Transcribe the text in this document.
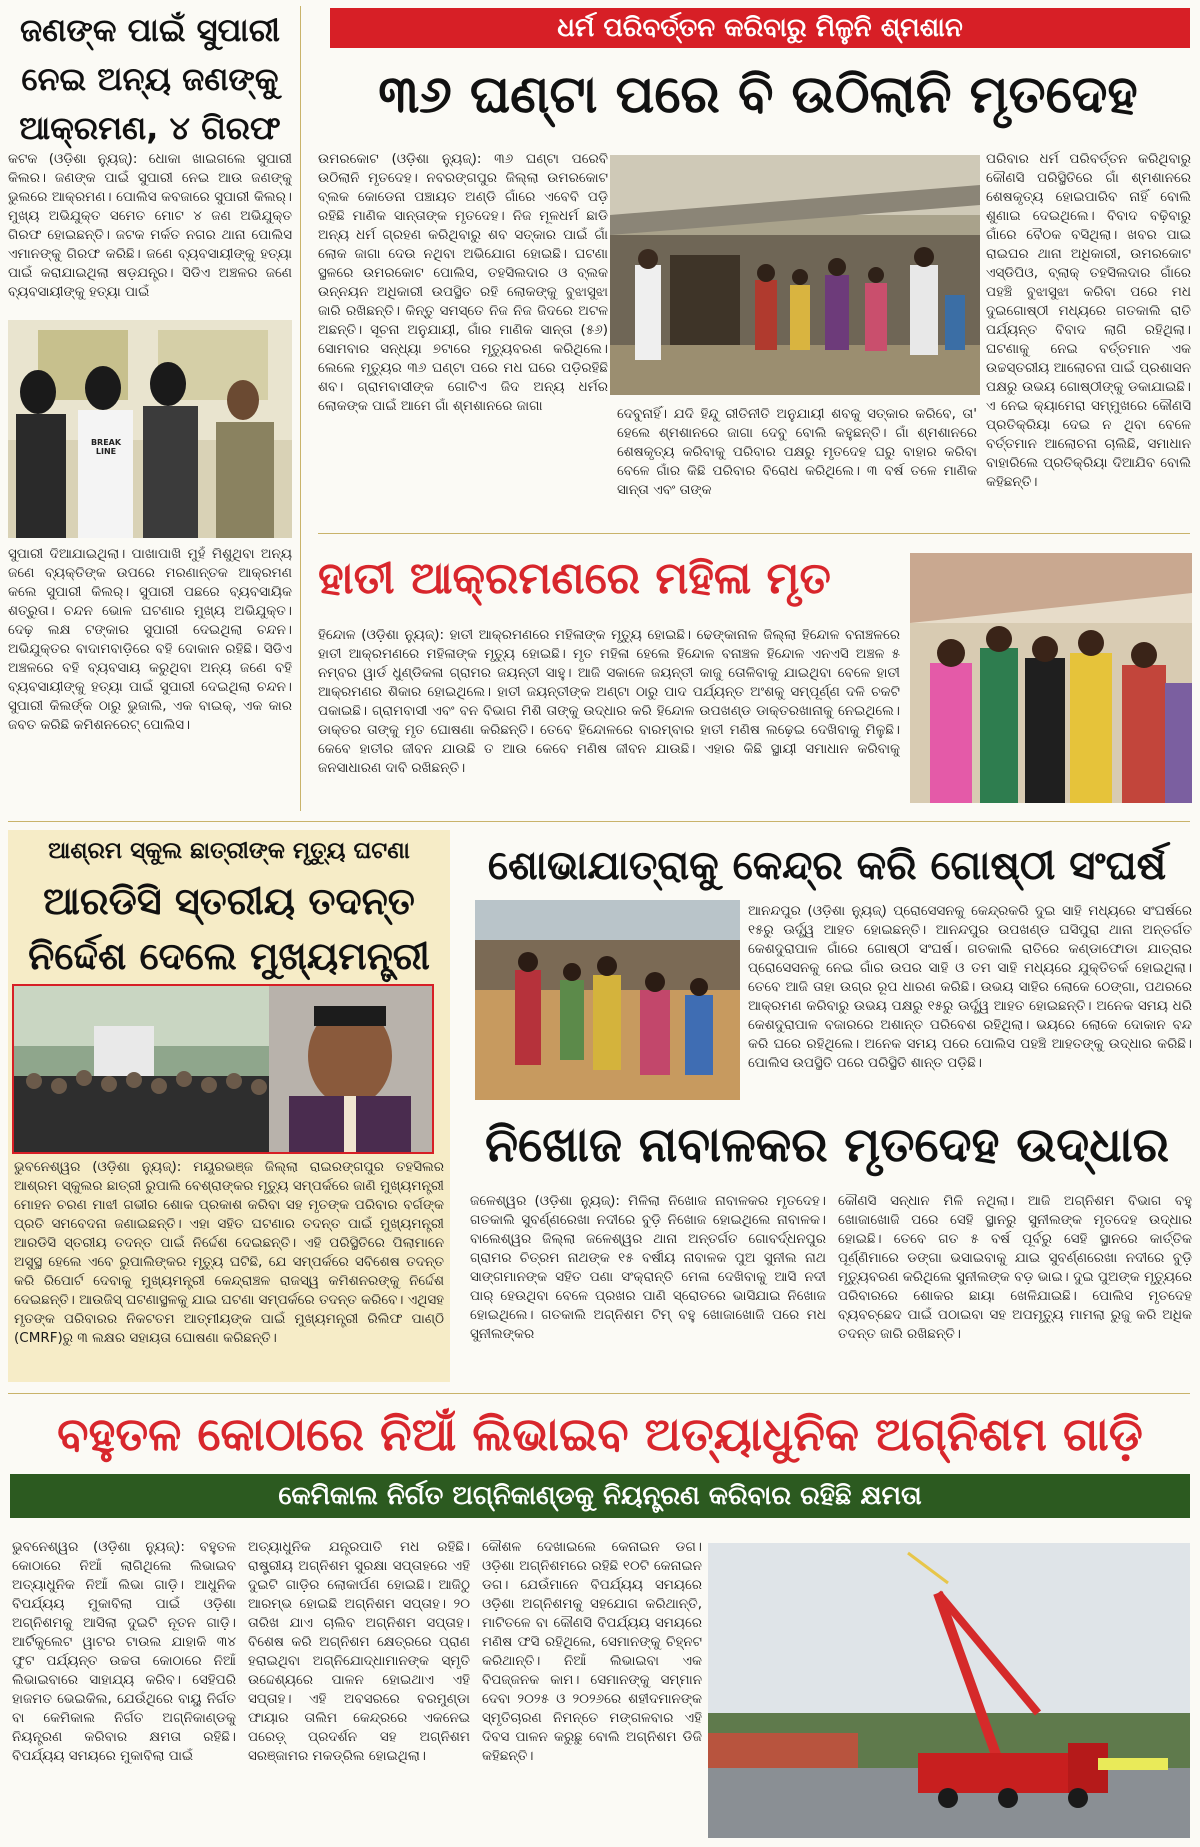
ଜଣଙ୍କ ପାଇଁ ସୁପାରୀ ନେଇ ଅନ୍ୟ ଜଣଙ୍କୁ ଆକ୍ରମଣ, ୪ ଗିରଫ
କଟକ (ଓଡ଼ିଶା ନ୍ୟୁଜ୍): ଧୋକା ଖାଇଗଲେ ସୁପାରୀ କିଲର। ଜଣଙ୍କ ପାଇଁ ସୁପାରୀ ନେଇ ଆଉ ଜଣଙ୍କୁ ଭୁଲରେ ଆକ୍ରମଣ। ପୋଲିସ କବଜାରେ ସୁପାରୀ କିଲର୍। ମୁଖ୍ୟ ଅଭିଯୁକ୍ତ ସମେତ ମୋଟ ୪ ଜଣ ଅଭିଯୁକ୍ତ ଗିରଫ ହୋଇଛନ୍ତି। ଜଟକ ମର୍କତ ନଗର ଥାନା ପୋଲିସ ଏମାନଙ୍କୁ ଗିରଫ କରିଛି। ଜଣେ ବ୍ୟବସାୟୀଙ୍କୁ ହତ୍ୟା ପାଇଁ କରାଯାଇଥିଲା ଷଡ଼ଯନ୍ତ୍ର। ସିଡିଏ ଅଞ୍ଚଳର ଜଣେ ବ୍ୟବସାୟୀଙ୍କୁ ହତ୍ୟା ପାଇଁ
BREAK LINE
ସୁପାରୀ ଦିଆଯାଇଥିଲା। ପାଖାପାଖି ମୁହଁ ମିଶୁଥିବା ଅନ୍ୟ ଜଣେ ବ୍ୟକ୍ତିଙ୍କ ଉପରେ ମରଣାନ୍ତକ ଆକ୍ରମଣ କଲେ ସୁପାରୀ କିଲର୍। ସୁପାରୀ ପଛରେ ବ୍ୟବସାୟିକ ଶତ୍ରୁତା। ଚନ୍ଦନ ଭୋଳ ଘଟଣାର ମୁଖ୍ୟ ଅଭିଯୁକ୍ତ। ଦେଢ଼ ଲକ୍ଷ ଟଙ୍କାର ସୁପାରୀ ଦେଇଥିଲା ଚନ୍ଦନ। ଅଭିଯୁକ୍ତର ବାଦାମବାଡ଼ିରେ ବହି ଦୋକାନ ରହିଛି। ସିଡିଏ ଅଞ୍ଚଳରେ ବହି ବ୍ୟବସାୟ କରୁଥିବା ଅନ୍ୟ ଜଣେ ବହି ବ୍ୟବସାୟୀଙ୍କୁ ହତ୍ୟା ପାଇଁ ସୁପାରୀ ଦେଇଥିଲା ଚନ୍ଦନ। ସୁପାରୀ କିଲର୍ଙ୍କ ଠାରୁ ଭୁଜାଲି, ଏକ ବାଇକ୍, ଏକ କାର ଜବତ କରିଛି କମିଶନରେଟ୍ ପୋଲିସ।
ଧର୍ମ ପରିବର୍ତ୍ତନ କରିବାରୁ ମିଳୁନି ଶ୍ମଶାନ
୩୬ ଘଣ୍ଟା ପରେ ବି ଉଠିଲାନି ମୃତଦେହ
ଉମରକୋଟ (ଓଡ଼ିଶା ନ୍ୟୁଜ୍): ୩୬ ଘଣ୍ଟା ପରେବି ଉଠିଲାନି ମୃତଦେହ। ନବରଙ୍ଗପୁର ଜିଲ୍ଲା ଉମରକୋଟ ବ୍ଲକ କୋଡେନା ପଞ୍ଚାୟତ ଅଣ୍ଡି ଗାଁରେ ଏବେବି ପଡ଼ି ରହିଛି ମାଣିକ ସାନ୍ତାଙ୍କ ମୃତଦେହ। ନିଜ ମୂଳଧର୍ମ ଛାଡି ଅନ୍ୟ ଧର୍ମ ଗ୍ରହଣ କରିଥିବାରୁ ଶବ ସତ୍କାର ପାଇଁ ଗାଁ ଲୋକ ଜାଗା ଦେଉ ନଥିବା ଅଭିଯୋଗ ହୋଇଛି। ଘଟଣା ସ୍ଥଳରେ ଉମରକୋଟ ପୋଲିସ, ତହସିଲଦାର ଓ ବ୍ଲକ ଉନ୍ନୟନ ଅଧିକାରୀ ଉପସ୍ଥିତ ରହି ଲୋକଙ୍କୁ ବୁଝାସୁଝା ଜାରି ରଖିଛନ୍ତି। କିନ୍ତୁ ସମସ୍ତେ ନିଜ ନିଜ ଜିଦରେ ଅଟଳ ଅଛନ୍ତି। ସୂଚନା ଅନୁଯାୟୀ, ଗାଁର ମାଣିକ ସାନ୍ତା (୫୬) ସୋମବାର ସନ୍ଧ୍ୟା ୭ଟାରେ ମୃତ୍ୟୁବରଣ କରିଥିଲେ। ଲେଲେ ମୃତ୍ୟୁର ୩୬ ଘଣ୍ଟା ପରେ ମଧ ଘରେ ପଡ଼ିରହିଛି ଶବ। ଗ୍ରାମବାସୀଙ୍କ ଗୋଟିଏ ଜିଦ ଅନ୍ୟ ଧର୍ମର ଲୋକଙ୍କ ପାଇଁ ଆମେ ଗାଁ ଶ୍ମଶାନରେ ଜାଗା	ଦେବୁନାହିଁ। ଯଦି ହିନ୍ଦୁ ରୀତିନୀତି ଅନୁଯାୟୀ ଶବକୁ ସତ୍କାର କରିବେ, ତା' ହେଲେ ଶ୍ମଶାନରେ ଜାଗା ଦେବୁ ବୋଲି କହୁଛନ୍ତି। ଗାଁ ଶ୍ମଶାନରେ ଶେଷକୃତ୍ୟ କରିବାକୁ ପରିବାର ପକ୍ଷରୁ ମୃତଦେହ ଘରୁ ବାହାର କରିବା ବେଳେ ଗାଁର କିଛି ପରିବାର ବିରୋଧ କରିଥିଲେ। ୩ ବର୍ଷ ତଳେ ମାଣିକ ସାନ୍ତା ଏବଂ ତାଙ୍କ
ପରିବାର ଧର୍ମ ପରିବର୍ତ୍ତନ କରିଥିବାରୁ କୌଣସି ପରିସ୍ଥିତିରେ ଗାଁ ଶ୍ମଶାନରେ ଶେଷକୃତ୍ୟ ହୋଇପାରିବ ନାହିଁ ବୋଲି ଶୁଣାଇ ଦେଇଥିଲେ। ବିବାଦ ବଢ଼ିବାରୁ ଗାଁରେ ବୈଠକ ବସିଥିଲା। ଖବର ପାଇ ରାଇଘର ଥାନା ଅଧିକାରୀ, ଉମରକୋଟ ଏସ୍ଡିପିଓ, ବ୍ଲାକ୍ ତହସିଲଦାର ଗାଁରେ ପହଞ୍ଚି ବୁଝାସୁଝା କରିବା ପରେ ମଧ ଦୁଇଗୋଷ୍ଠୀ ମଧ୍ୟରେ ଗତକାଲି ରାତି ପର୍ଯ୍ୟନ୍ତ ବିବାଦ ଲାଗି ରହିଥିଲା। ଘଟଣାକୁ ନେଇ ବର୍ତ୍ତମାନ ଏକ ଉଚ୍ଚସ୍ତରୀୟ ଆଲୋଚନା ପାଇଁ ପ୍ରଶାସନ ପକ୍ଷରୁ ଉଭୟ ଗୋଷ୍ଠୀଙ୍କୁ ଡକାଯାଇଛି। ଏ ନେଇ କ୍ୟାମେରା ସମ୍ମୁଖରେ କୌଣସି ପ୍ରତିକ୍ରିୟା ଦେଇ ନ ଥିବା ବେଳେ ବର୍ତ୍ତମାନ ଆଲୋଚନା ଚାଲିଛି, ସମାଧାନ ବାହାରିଲେ ପ୍ରତିକ୍ରିୟା ଦିଆଯିବ ବୋଲି କହିଛନ୍ତି।
ହାତୀ ଆକ୍ରମଣରେ ମହିଳା ମୃତ
ହିନ୍ଦୋଳ (ଓଡ଼ିଶା ନ୍ୟୁଜ୍): ହାତୀ ଆକ୍ରମଣରେ ମହିଳାଙ୍କ ମୃତ୍ୟୁ ହୋଇଛି। ଢେଙ୍କାନାଳ ଜିଲ୍ଲା ହିନ୍ଦୋଳ ବନାଞ୍ଚଳରେ ହାତୀ ଆକ୍ରମଣରେ ମହିଳାଙ୍କ ମୃତ୍ୟୁ ହୋଇଛି। ମୃତ ମହିଳା ହେଲେ ହିନ୍ଦୋଳ ବନାଞ୍ଚଳ ହିନ୍ଦୋଳ ଏନଏସି ଅଞ୍ଚଳ ୫ ନମ୍ବର ୱାର୍ଡ ଧୁଣ୍ଡିକଳା ଗ୍ରାମର ଜୟନ୍ତୀ ସାହୁ। ଆଜି ସକାଳେ ଜୟନ୍ତୀ କାଜୁ ତୋଳିବାକୁ ଯାଇଥିବା ବେଳେ ହାତୀ ଆକ୍ରମଣର ଶିକାର ହୋଇଥିଲେ। ହାତୀ ଜୟନ୍ତୀଙ୍କ ଅଣ୍ଟା ଠାରୁ ପାଦ ପର୍ଯ୍ୟନ୍ତ ଅଂଶକୁ ସମ୍ପୂର୍ଣ୍ଣ ଦଳି ଚକଟି ପକାଇଛି। ଗ୍ରାମବାସୀ ଏବଂ ବନ ବିଭାଗ ମିଶି ତାଙ୍କୁ ଉଦ୍ଧାର କରି ହିନ୍ଦୋଳ ଉପଖଣ୍ଡ ଡାକ୍ତରଖାନାକୁ ନେଇଥିଲେ। ଡାକ୍ତର ତାଙ୍କୁ ମୃତ ଘୋଷଣା କରିଛନ୍ତି। ତେବେ ହିନ୍ଦୋଳରେ ବାରମ୍ବାର ହାତୀ ମଣିଷ ଲଢ଼େଇ ଦେଖିବାକୁ ମିଳୁଛି। କେବେ ହାତୀର ଜୀବନ ଯାଉଛି ତ ଆଉ କେବେ ମଣିଷ ଜୀବନ ଯାଉଛି। ଏହାର କିଛି ସ୍ଥାୟୀ ସମାଧାନ କରିବାକୁ ଜନସାଧାରଣ ଦାବି ରଖିଛନ୍ତି।
ଆଶ୍ରମ ସ୍କୁଲ ଛାତ୍ରୀଙ୍କ ମୃତ୍ୟୁ ଘଟଣା
ଆରଡିସି ସ୍ତରୀୟ ତଦନ୍ତ ନିର୍ଦ୍ଦେଶ ଦେଲେ ମୁଖ୍ୟମନ୍ତ୍ରୀ
ଭୁବନେଶ୍ୱର (ଓଡ଼ିଶା ନ୍ୟୁଜ୍): ମୟୂରଭଞ୍ଜ ଜିଲ୍ଲା ରାଇରଙ୍ଗପୁର ତହସିଲର ଆଶ୍ରମ ସ୍କୁଲର ଛାତ୍ରୀ ରୁପାଲି ବେଶ୍ରାଙ୍କର ମୃତ୍ୟୁ ସମ୍ପର୍କରେ ଜାଣି ମୁଖ୍ୟମନ୍ତ୍ରୀ ମୋହନ ଚରଣ ମାଝୀ ଗଭୀର ଶୋକ ପ୍ରକାଶ କରିବା ସହ ମୃତଙ୍କ ପରିବାର ବର୍ଗଙ୍କ ପ୍ରତି ସମବେଦନା ଜଣାଇଛନ୍ତି। ଏହା ସହିତ ଘଟଣାର ତଦନ୍ତ ପାଇଁ ମୁଖ୍ୟମନ୍ତ୍ରୀ ଆରଡିସି ସ୍ତରୀୟ ତଦନ୍ତ ପାଇଁ ନିର୍ଦ୍ଦେଶ ଦେଇଛନ୍ତି। ଏହି ପରିସ୍ଥିତିରେ ପିଲାମାନେ ଅସୁସ୍ଥ ହେଲେ ଏବେ ରୁପାଲିଙ୍କର ମୃତ୍ୟୁ ଘଟିଛି, ଯେ ସମ୍ପର୍କରେ ସବିଶେଷ ତଦନ୍ତ କରି ରିପୋର୍ଟ ଦେବାକୁ ମୁଖ୍ୟମନ୍ତ୍ରୀ କେନ୍ଦ୍ରାଞ୍ଚଳ ରାଜସ୍ୱ କମିଶନରଙ୍କୁ ନିର୍ଦ୍ଦେଶ ଦେଇଛନ୍ତି। ଆଉଜିସ୍ ଘଟଣାସ୍ଥଳକୁ ଯାଇ ଘଟଣା ସମ୍ପର୍କରେ ତଦନ୍ତ କରିବେ। ଏଥିସହ ମୃତଙ୍କ ପରିବାରର ନିକଟତମ ଆତ୍ମୀୟଙ୍କ ପାଇଁ ମୁଖ୍ୟମନ୍ତ୍ରୀ ରିଲିଫ ପାଣ୍ଠି (CMRF)ରୁ ୩ ଲକ୍ଷର ସହାୟତା ଘୋଷଣା କରିଛନ୍ତି।
ଶୋଭାଯାତ୍ରାକୁ କେନ୍ଦ୍ର କରି ଗୋଷ୍ଠୀ ସଂଘର୍ଷ
ଆନନ୍ଦପୁର (ଓଡ଼ିଶା ନ୍ୟୁଜ୍) ପ୍ରୋସେସନକୁ କେନ୍ଦ୍ରକରି ଦୁଇ ସାହି ମଧ୍ୟରେ ସଂଘର୍ଷରେ ୧୫ରୁ ଊର୍ଦ୍ଧ୍ୱ ଆହତ ହୋଇଛନ୍ତି। ଆନନ୍ଦପୁର ଉପଖଣ୍ଡ ଘସିପୁରା ଥାନା ଅନ୍ତର୍ଗତ କେଶଦୁରାପାଳ ଗାଁରେ ଗୋଷ୍ଠୀ ସଂଘର୍ଷ। ଗତକାଲି ରାତିରେ କଣ୍ଡାଫୋଡା ଯାତ୍ରାର ପ୍ରୋସେସନକୁ ନେଇ ଗାଁର ଉପର ସାହି ଓ ତମ ସାହି ମଧ୍ୟରେ ଯୁକ୍ତିତର୍କ ହୋଇଥିଲା। ତେବେ ଆଜି ତାହା ଉଗ୍ର ରୂପ ଧାରଣ କରିଛି। ଉଭୟ ସାହିର ଲୋକେ ଠେଙ୍ଗା, ପଥରରେ ଆକ୍ରମଣ କରିବାରୁ ଉଭୟ ପକ୍ଷରୁ ୧୫ରୁ ଊର୍ଦ୍ଧ୍ୱ ଆହତ ହୋଇଛନ୍ତି। ଅନେକ ସମୟ ଧରି କେଶଦୁରାପାଳ ବଜାରରେ ଅଶାନ୍ତ ପରିବେଶ ରହିଥିଲା। ଭୟରେ ଲୋକେ ଦୋକାନ ବନ୍ଦ କରି ଘରେ ରହିଥିଲେ। ଅନେକ ସମୟ ପରେ ପୋଲିସ ପହଞ୍ଚି ଆହତଙ୍କୁ ଉଦ୍ଧାର କରିଛି। ପୋଲିସ ଉପସ୍ଥିତି ପରେ ପରିସ୍ଥିତି ଶାନ୍ତ ପଡ଼ିଛି।
ନିଖୋଜ ନାବାଳକର ମୃତଦେହ ଉଦ୍ଧାର
ଜଳେଶ୍ୱର (ଓଡ଼ିଶା ନ୍ୟୁଜ୍): ମିଳିଲା ନିଖୋଜ ନାବାଳକର ମୃତଦେହ। ଗତକାଲି ସୁବର୍ଣ୍ଣରେଖା ନଦୀରେ ବୁଡ଼ି ନିଖୋଜ ହୋଇଥିଲେ ନାବାଳକ। ବାଲେଶ୍ୱର ଜିଲ୍ଲା ଜଳେଶ୍ୱର ଥାନା ଅନ୍ତର୍ଗତ ଗୋବର୍ଦ୍ଧନପୁର ଗ୍ରାମର ଚିତ୍ରମ ନାଥଙ୍କ ୧୫ ବର୍ଷୀୟ ନାବାଳକ ପୁଅ ସୁନୀଲ ନାଥ ସାଙ୍ଗମାନଙ୍କ ସହିତ ପଣା ସଂକ୍ରାନ୍ତି ମେଳା ଦେଖିବାକୁ ଆସି ନଦୀ ପାର୍ ହେଉଥିବା ବେଳେ ପ୍ରଖର ପାଣି ସ୍ରୋତରେ ଭାସିଯାଇ ନିଖୋଜ ହୋଇଥିଲେ। ଗତକାଲି ଅଗ୍ନିଶମ ଟିମ୍ ବହୁ ଖୋଜାଖୋଜି ପରେ ମଧ ସୁନୀଲଙ୍କର
କୌଣସି ସନ୍ଧାନ ମିଳି ନଥିଲା। ଆଜି ଅଗ୍ନିଶମ ବିଭାଗ ବହୁ ଖୋଜାଖୋଜି ପରେ ସେହି ସ୍ଥାନରୁ ସୁନୀଲଙ୍କ ମୃତଦେହ ଉଦ୍ଧାର ହୋଇଛି। ତେବେ ଗତ ୫ ବର୍ଷ ପୂର୍ବରୁ ସେହି ସ୍ଥାନରେ କାର୍ତ୍ତିକ ପୂର୍ଣ୍ଣିମାରେ ଡଙ୍ଗା ଭସାଇବାକୁ ଯାଇ ସୁବର୍ଣ୍ଣରେଖା ନଦୀରେ ବୁଡ଼ି ମୃତ୍ୟୁବରଣ କରିଥିଲେ ସୁନୀଲଙ୍କ ବଡ଼ ଭାଇ। ଦୁଇ ପୁଅଙ୍କ ମୃତ୍ୟୁରେ ପରିବାରରେ ଶୋକର ଛାୟା ଖେଳିଯାଇଛି। ପୋଲିସ ମୃତଦେହ ବ୍ୟବଚ୍ଛେଦ ପାଇଁ ପଠାଇବା ସହ ଅପମୃତ୍ୟୁ ମାମଲା ରୁଜୁ କରି ଅଧିକ ତଦନ୍ତ ଜାରି ରଖିଛନ୍ତି।
ବହୁତଳ କୋଠାରେ ନିଆଁ ଲିଭାଇବ ଅତ୍ୟାଧୁନିକ ଅଗ୍ନିଶମ ଗାଡ଼ି
କେମିକାଲ ନିର୍ଗତ ଅଗ୍ନିକାଣ୍ଡକୁ ନିୟନ୍ତ୍ରଣ କରିବାର ରହିଛି କ୍ଷମତା
ଭୁବନେଶ୍ୱର (ଓଡ଼ିଶା ନ୍ୟୁଜ୍): ବହୁତଳ କୋଠାରେ ନିଆଁ ଲାଗିଥିଲେ ଲିଭାଇବ ଅତ୍ୟାଧୁନିକ ନିଆଁ ଲିଭା ଗାଡ଼ି। ଆଧୁନିକ ବିପର୍ଯ୍ୟୟ ମୁକାବିଲା ପାଇଁ ଓଡ଼ିଶା ଅଗ୍ନିଶମକୁ ଆସିଲା ଦୁଇଟି ନୂତନ ଗାଡ଼ି। ଆର୍ଟିକୁଲେଟ ୱାଟର ଟାଉଲ ଯାହାକି ୩୪ ଫୁଟ ପର୍ଯ୍ୟନ୍ତ ଉଚ୍ଚତା କୋଠାରେ ନିଆଁ ଲିଭାଇବାରେ ସାହାଯ୍ୟ କରିବ। ସେହିପରି ହାଜମତ ଭେଇକିଲ, ଯେଉଁଥିରେ ବାୟୁ ନିର୍ଗତ ବା କେମିକାଲ ନିର୍ଗତ ଅଗ୍ନିକାଣ୍ଡକୁ ନିୟନ୍ତ୍ରଣ କରିବାର କ୍ଷମତା ରହିଛି। ବିପର୍ଯ୍ୟୟ ସମୟରେ ମୁକାବିଲା ପାଇଁ
ଅତ୍ୟାଧୁନିକ ଯନ୍ତ୍ରପାତି ମଧ ରହିଛି। ରାଷ୍ଟ୍ରୀୟ ଅଗ୍ନିଶମ ସୁରକ୍ଷା ସପ୍ତାହରେ ଏହି ଦୁଇଟି ଗାଡ଼ିର ଲୋକାର୍ପଣ ହୋଇଛି। ଆଜିଠୁ ଆରମ୍ଭ ହୋଇଛି ଅଗ୍ନିଶମ ସପ୍ତାହ। ୨୦ ତାରିଖ ଯାଏ ଚାଲିବ ଅଗ୍ନିଶମ ସପ୍ତାହ। ବିଶେଷ କରି ଅଗ୍ନିଶମ କ୍ଷେତ୍ରରେ ପ୍ରାଣ ହରାଇଥିବା ଅଗ୍ନିଯୋଦ୍ଧାମାନଙ୍କ ସ୍ମୃତି ଉଦ୍ଦେଶ୍ୟରେ ପାଳନ ହୋଇଥାଏ ଏହି ସପ୍ତାହ। ଏହି ଅବସରରେ ବରମୁଣ୍ଡା ଫାୟାର ତାଲିମ କେନ୍ଦ୍ରରେ ଏକନେଇ ପରେଡ଼୍ ପ୍ରଦର୍ଶନ ସହ ଅଗ୍ନିଶମ ସରଞ୍ଜାମର ମକଡ୍ରିଲ ହୋଇଥିଲା।
କୌଶଳ ଦେଖାଇଲେ କେନାଇନ ଡଗ। ଓଡ଼ିଶା ଅଗ୍ନିଶମରେ ରହିଛି ୧୦ଟି କେନାଇନ ଡଗ। ଯେଉଁମାନେ ବିପର୍ଯ୍ୟୟ ସମୟରେ ଓଡ଼ିଶା ଅଗ୍ନିଶମକୁ ସହଯୋଗ କରିଥାନ୍ତି, ମାଟିତଳେ ବା କୌଣସି ବିପର୍ଯ୍ୟୟ ସମୟରେ ମଣିଷ ଫସି ରହିଥିଲେ, ସେମାନଙ୍କୁ ଚିହ୍ନଟ କରିଥାନ୍ତି। ନିଆଁ ଲିଭାଇବା ଏକ ବିପଜ୍ଜନକ କାମ। ସେମାନଙ୍କୁ ସମ୍ମାନ ଦେବା ୨୦୨୫ ଓ ୨୦୨୬ରେ ଶହୀଦମାନଙ୍କ ସ୍ମୃତିଚାରଣ ନିମନ୍ତେ ମଙ୍ଗଳବାର ଏହି ଦିବସ ପାଳନ କରୁଛୁ ବୋଲି ଅଗ୍ନିଶମ ଡିଜି କହିଛନ୍ତି।
